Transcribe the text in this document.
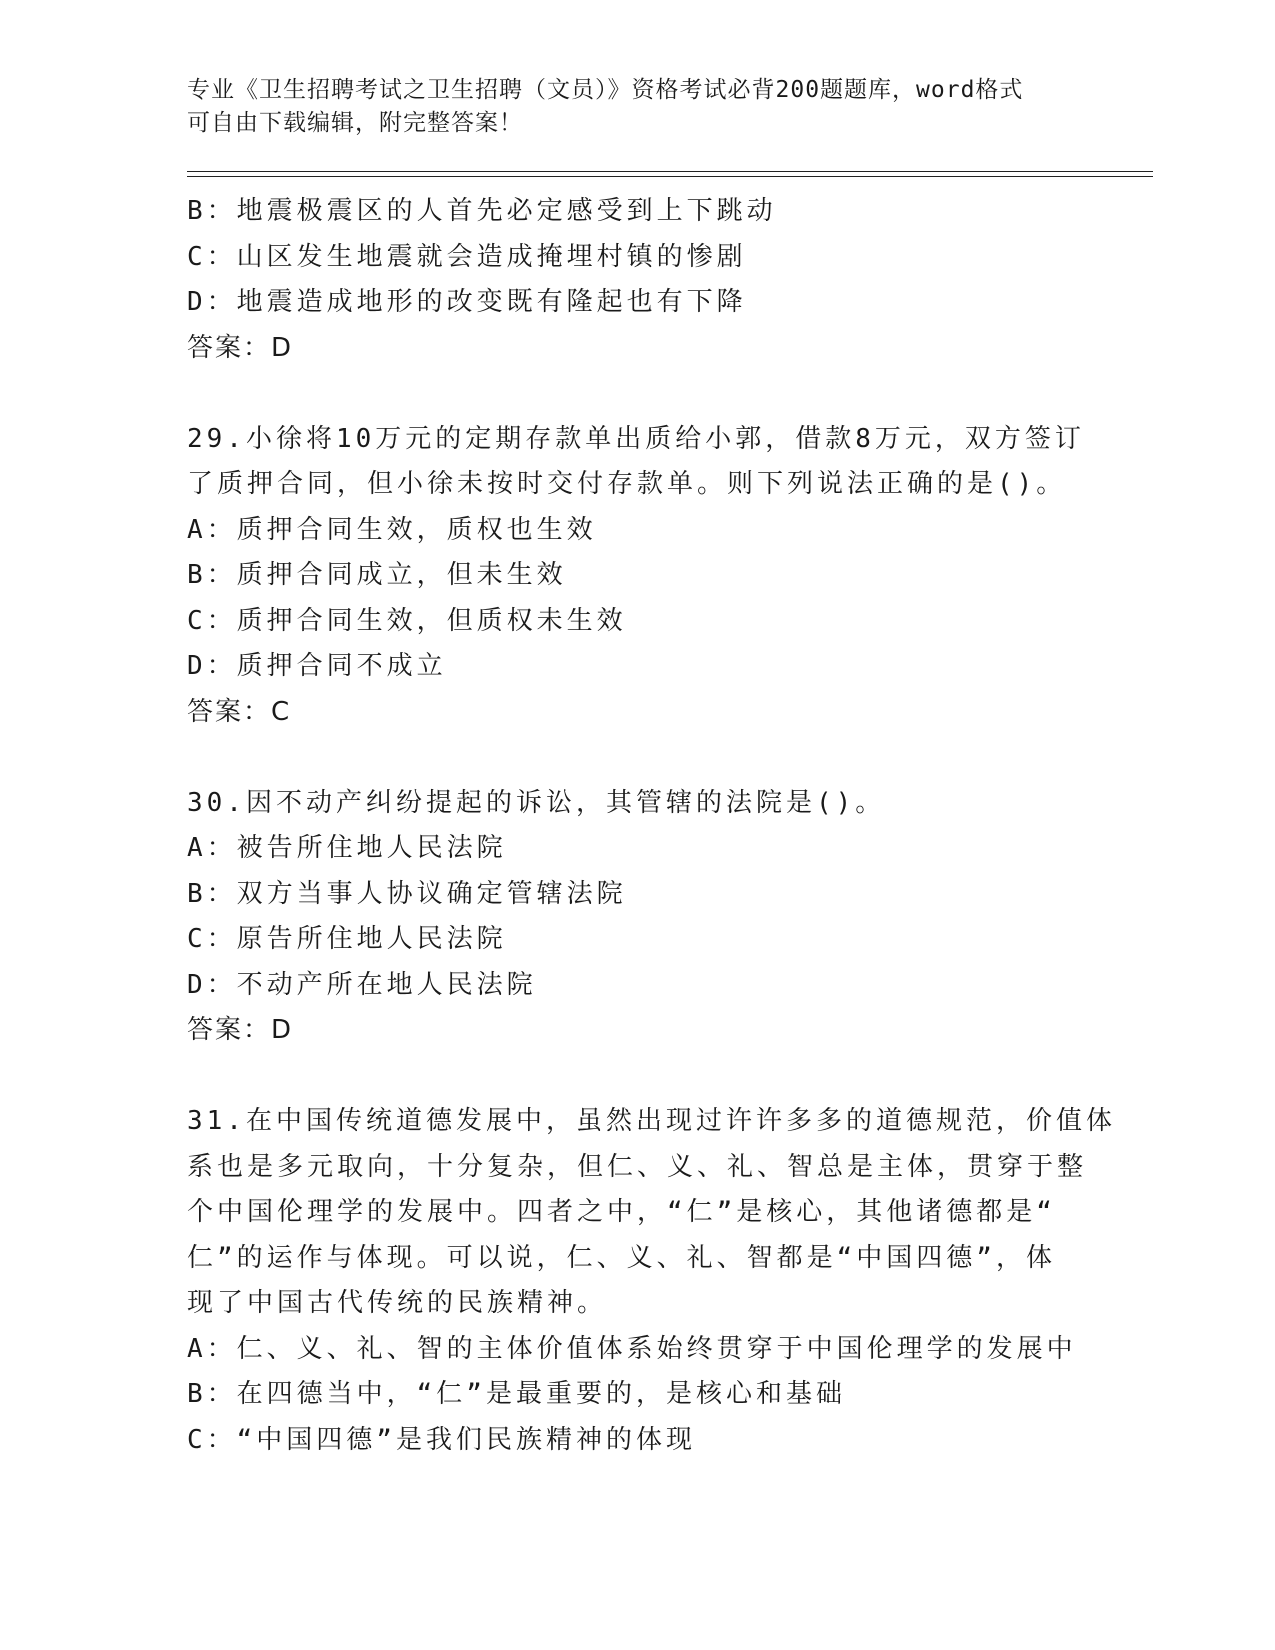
专业《卫生招聘考试之卫生招聘（文员）》资格考试必背200题题库，word格式
可自由下载编辑，附完整答案！
B：地震极震区的人首先必定感受到上下跳动
C：山区发生地震就会造成掩埋村镇的惨剧
D：地震造成地形的改变既有隆起也有下降
答案：D
29.小徐将10万元的定期存款单出质给小郭，借款8万元，双方签订
了质押合同，但小徐未按时交付存款单。则下列说法正确的是()。
A：质押合同生效，质权也生效
B：质押合同成立，但未生效
C：质押合同生效，但质权未生效
D：质押合同不成立
答案：C
30.因不动产纠纷提起的诉讼，其管辖的法院是()。
A：被告所住地人民法院
B：双方当事人协议确定管辖法院
C：原告所住地人民法院
D：不动产所在地人民法院
答案：D
31.在中国传统道德发展中，虽然出现过许许多多的道德规范，价值体
系也是多元取向，十分复杂，但仁、义、礼、智总是主体，贯穿于整
个中国伦理学的发展中。四者之中，“仁”是核心，其他诸德都是“
仁”的运作与体现。可以说，仁、义、礼、智都是“中国四德”，体
现了中国古代传统的民族精神。
A：仁、义、礼、智的主体价值体系始终贯穿于中国伦理学的发展中
B：在四德当中，“仁”是最重要的，是核心和基础
C：“中国四德”是我们民族精神的体现
